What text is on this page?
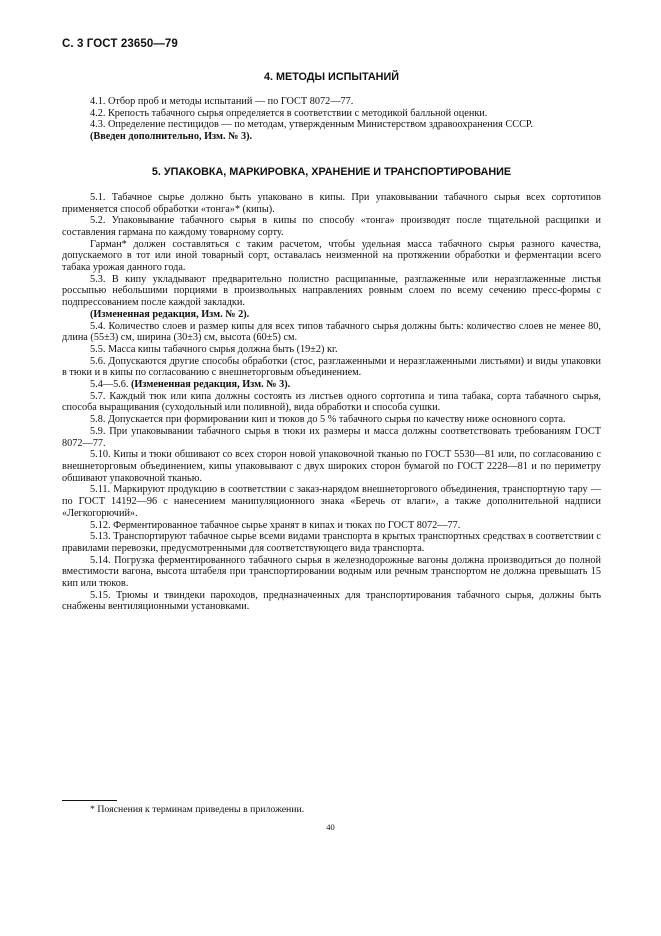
С. 3 ГОСТ 23650—79
4. МЕТОДЫ ИСПЫТАНИЙ

4.1. Отбор проб и методы испытаний — по ГОСТ 8072—77.

4.2. Крепость табачного сырья определяется в соответствии с методикой балльной оценки.

4.3. Определение пестицидов — по методам, утвержденным Министерством здравоохранения СССР.

(Введен дополнительно, Изм. № 3).

5. УПАКОВКА, МАРКИРОВКА, ХРАНЕНИЕ И ТРАНСПОРТИРОВАНИЕ

5.1. Табачное сырье должно быть упаковано в кипы. При упаковывании табачного сырья всех сортотипов применяется способ обработки «тонга»* (кипы).

5.2. Упаковывание табачного сырья в кипы по способу «тонга» производят после тщательной расщипки и составления гармана по каждому товарному сорту.

Гарман* должен составляться с таким расчетом, чтобы удельная масса табачного сырья разного качества, допускаемого в тот или иной товарный сорт, оставалась неизменной на протяжении обработки и ферментации всего табака урожая данного года.

5.3. В кипу укладывают предварительно полистно расщипанные, разглаженные или неразглаженные листья россыпью небольшими порциями в произвольных направлениях ровным слоем по всему сечению пресс-формы с подпрессованием после каждой закладки.

(Измененная редакция, Изм. № 2).

5.4. Количество слоев и размер кипы для всех типов табачного сырья должны быть: количество слоев не менее 80, длина (55±3) см, ширина (30±3) см, высота (60±5) см.

5.5. Масса кипы табачного сырья должна быть (19±2) кг.

5.6. Допускаются другие способы обработки (стос, разглаженными и неразглаженными листьями) и виды упаковки в тюки и в кипы по согласованию с внешнеторговым объединением.

5.4—5.6. (Измененная редакция, Изм. № 3).

5.7. Каждый тюк или кипа должны состоять из листьев одного сортотипа и типа табака, сорта табачного сырья, способа выращивания (суходольный или поливной), вида обработки и способа сушки.

5.8. Допускается при формировании кип и тюков до 5 % табачного сырья по качеству ниже основного сорта.

5.9. При упаковывании табачного сырья в тюки их размеры и масса должны соответствовать требованиям ГОСТ 8072—77.

5.10. Кипы и тюки обшивают со всех сторон новой упаковочной тканью по ГОСТ 5530—81 или, по согласованию с внешнеторговым объединением, кипы упаковывают с двух широких сторон бумагой по ГОСТ 2228—81 и по периметру обшивают упаковочной тканью.

5.11. Маркируют продукцию в соответствии с заказ-нарядом внешнеторгового объединения, транспортную тару — по ГОСТ 14192—96 с нанесением манипуляционного знака «Беречь от влаги», а также дополнительной надписи «Легкогорючий».

5.12. Ферментированное табачное сырье хранят в кипах и тюках по ГОСТ 8072—77.

5.13. Транспортируют табачное сырье всеми видами транспорта в крытых транспортных средствах в соответствии с правилами перевозки, предусмотренными для соответствующего вида транспорта.

5.14. Погрузка ферментированного табачного сырья в железнодорожные вагоны должна производиться до полной вместимости вагона, высота штабеля при транспортировании водным или речным транспортом не должна превышать 15 кип или тюков.

5.15. Трюмы и твиндеки пароходов, предназначенных для транспортирования табачного сырья, должны быть снабжены вентиляционными установками.

* Пояснения к терминам приведены в приложении.
40
